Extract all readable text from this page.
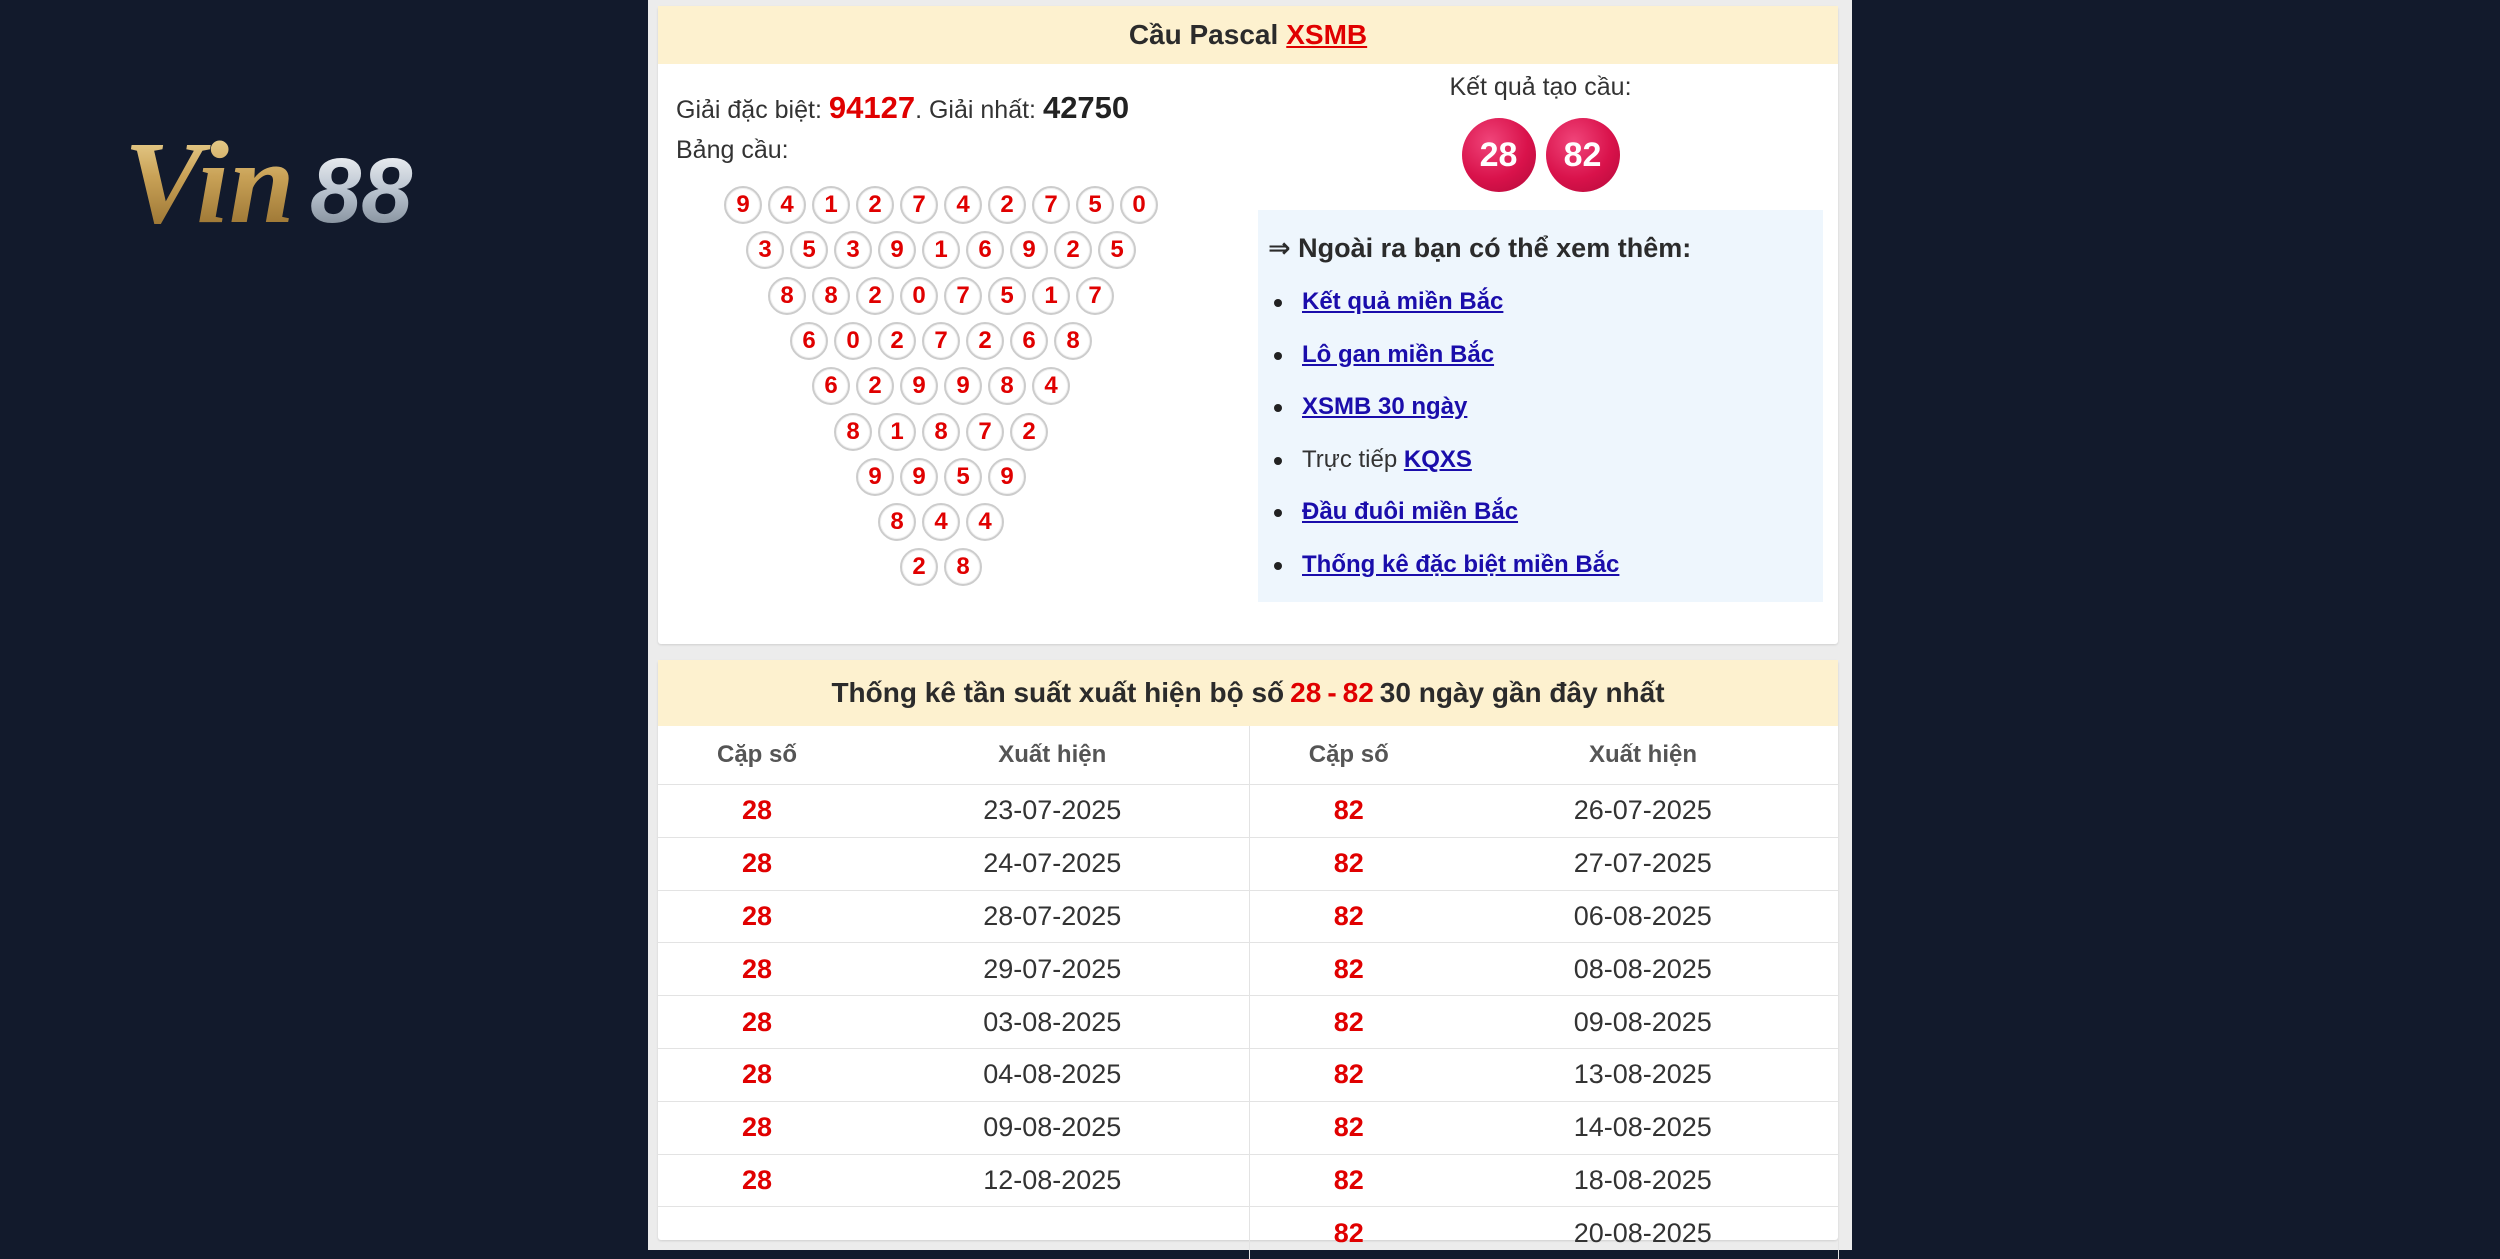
Vin 88
Cầu Pascal XSMB
Giải đặc biệt: 94127. Giải nhất: 42750
Bảng cầu:
9	4	1	2	7	4	2	7	5	0
3	5	3	9	1	6	9	2	5
8	8	2	0	7	5	1	7
6	0	2	7	2	6	8
6	2	9	9	8	4
8	1	8	7	2
9	9	5	9
8	4	4
2	8
Kết quả tạo cầu:
28	82
⇒ Ngoài ra bạn có thể xem thêm:
Kết quả miền Bắc
Lô gan miền Bắc
XSMB 30 ngày
Trực tiếp KQXS
Đầu đuôi miền Bắc
Thống kê đặc biệt miền Bắc
Thống kê tần suất xuất hiện bộ số 28 - 82 30 ngày gần đây nhất
Cặp số	Xuất hiện	Cặp số	Xuất hiện
28	23-07-2025	82	26-07-2025
28	24-07-2025	82	27-07-2025
28	28-07-2025	82	06-08-2025
28	29-07-2025	82	08-08-2025
28	03-08-2025	82	09-08-2025
28	04-08-2025	82	13-08-2025
28	09-08-2025	82	14-08-2025
28	12-08-2025	82	18-08-2025
		82	20-08-2025
